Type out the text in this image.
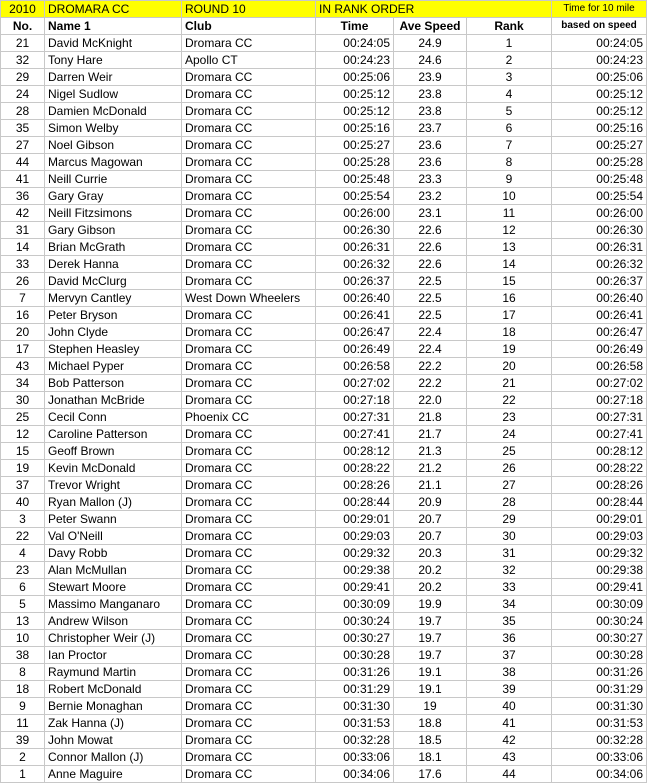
2010	DROMARA CC	ROUND 10	IN RANK ORDER			Time for 10 mile
No.	Name 1	Club	Time	Ave Speed	Rank	based on speed
21	David McKnight	Dromara CC	00:24:05	24.9	1	00:24:05
32	Tony Hare	Apollo CT	00:24:23	24.6	2	00:24:23
29	Darren Weir	Dromara CC	00:25:06	23.9	3	00:25:06
24	Nigel Sudlow	Dromara CC	00:25:12	23.8	4	00:25:12
28	Damien McDonald	Dromara CC	00:25:12	23.8	5	00:25:12
35	Simon Welby	Dromara CC	00:25:16	23.7	6	00:25:16
27	Noel Gibson	Dromara CC	00:25:27	23.6	7	00:25:27
44	Marcus Magowan	Dromara CC	00:25:28	23.6	8	00:25:28
41	Neill Currie	Dromara CC	00:25:48	23.3	9	00:25:48
36	Gary Gray	Dromara CC	00:25:54	23.2	10	00:25:54
42	Neill Fitzsimons	Dromara CC	00:26:00	23.1	11	00:26:00
31	Gary Gibson	Dromara CC	00:26:30	22.6	12	00:26:30
14	Brian McGrath	Dromara CC	00:26:31	22.6	13	00:26:31
33	Derek Hanna	Dromara CC	00:26:32	22.6	14	00:26:32
26	David McClurg	Dromara CC	00:26:37	22.5	15	00:26:37
7	Mervyn Cantley	West Down Wheelers	00:26:40	22.5	16	00:26:40
16	Peter Bryson	Dromara CC	00:26:41	22.5	17	00:26:41
20	John Clyde	Dromara CC	00:26:47	22.4	18	00:26:47
17	Stephen Heasley	Dromara CC	00:26:49	22.4	19	00:26:49
43	Michael Pyper	Dromara CC	00:26:58	22.2	20	00:26:58
34	Bob Patterson	Dromara CC	00:27:02	22.2	21	00:27:02
30	Jonathan McBride	Dromara CC	00:27:18	22.0	22	00:27:18
25	Cecil Conn	Phoenix CC	00:27:31	21.8	23	00:27:31
12	Caroline Patterson	Dromara CC	00:27:41	21.7	24	00:27:41
15	Geoff Brown	Dromara CC	00:28:12	21.3	25	00:28:12
19	Kevin McDonald	Dromara CC	00:28:22	21.2	26	00:28:22
37	Trevor Wright	Dromara CC	00:28:26	21.1	27	00:28:26
40	Ryan Mallon (J)	Dromara CC	00:28:44	20.9	28	00:28:44
3	Peter Swann	Dromara CC	00:29:01	20.7	29	00:29:01
22	Val O'Neill	Dromara CC	00:29:03	20.7	30	00:29:03
4	Davy Robb	Dromara CC	00:29:32	20.3	31	00:29:32
23	Alan McMullan	Dromara CC	00:29:38	20.2	32	00:29:38
6	Stewart Moore	Dromara CC	00:29:41	20.2	33	00:29:41
5	Massimo Manganaro	Dromara CC	00:30:09	19.9	34	00:30:09
13	Andrew Wilson	Dromara CC	00:30:24	19.7	35	00:30:24
10	Christopher Weir (J)	Dromara CC	00:30:27	19.7	36	00:30:27
38	Ian Proctor	Dromara CC	00:30:28	19.7	37	00:30:28
8	Raymund Martin	Dromara CC	00:31:26	19.1	38	00:31:26
18	Robert McDonald	Dromara CC	00:31:29	19.1	39	00:31:29
9	Bernie Monaghan	Dromara CC	00:31:30	19	40	00:31:30
11	Zak Hanna (J)	Dromara CC	00:31:53	18.8	41	00:31:53
39	John Mowat	Dromara CC	00:32:28	18.5	42	00:32:28
2	Connor Mallon (J)	Dromara CC	00:33:06	18.1	43	00:33:06
1	Anne Maguire	Dromara CC	00:34:06	17.6	44	00:34:06
